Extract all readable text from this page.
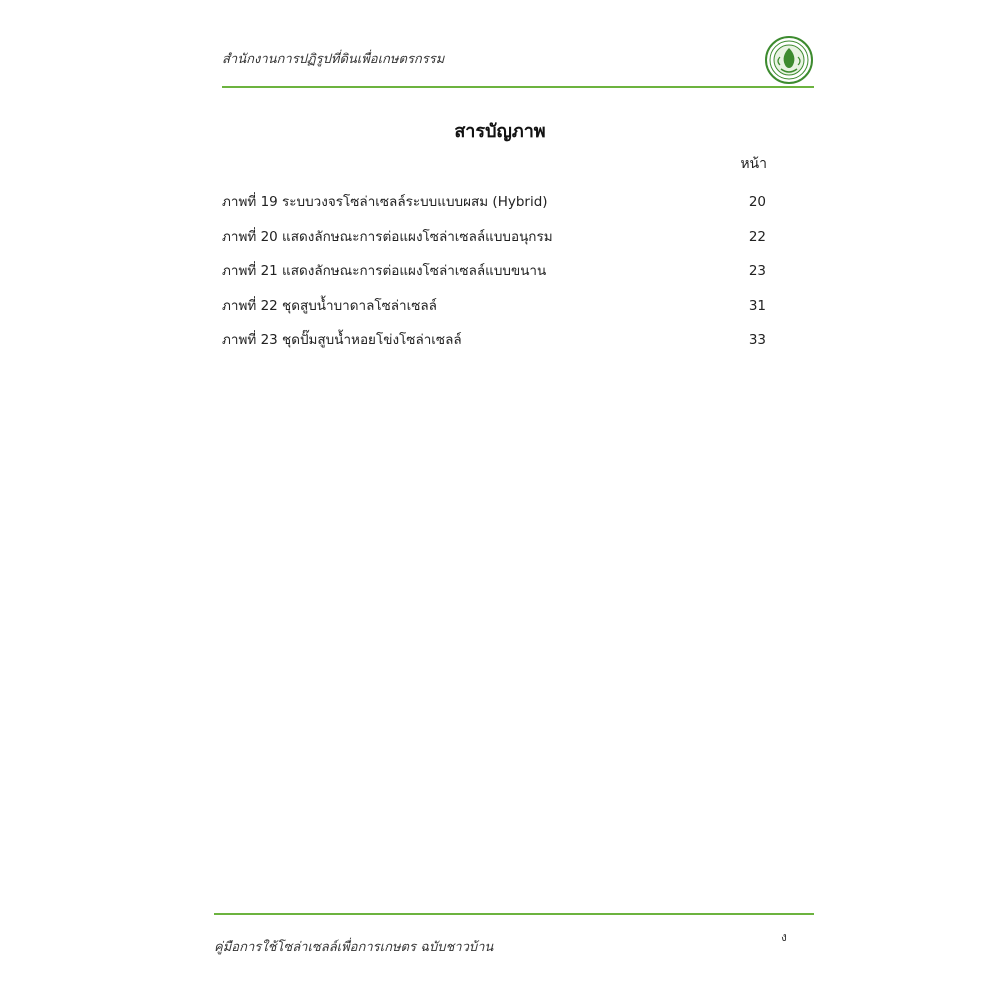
สำนักงานการปฏิรูปที่ดินเพื่อเกษตรกรรม
สารบัญภาพ
หน้า
ภาพที่ 19 ระบบวงจรโซล่าเซลล์ระบบแบบผสม (Hybrid)	20
ภาพที่ 20 แสดงลักษณะการต่อแผงโซล่าเซลล์แบบอนุกรม	22
ภาพที่ 21 แสดงลักษณะการต่อแผงโซล่าเซลล์แบบขนาน	23
ภาพที่ 22 ชุดสูบน้ำบาดาลโซล่าเซลล์	31
ภาพที่ 23 ชุดปั๊มสูบน้ำหอยโข่งโซล่าเซลล์	33
ง
คู่มือการใช้โซล่าเซลล์เพื่อการเกษตร ฉบับชาวบ้าน
